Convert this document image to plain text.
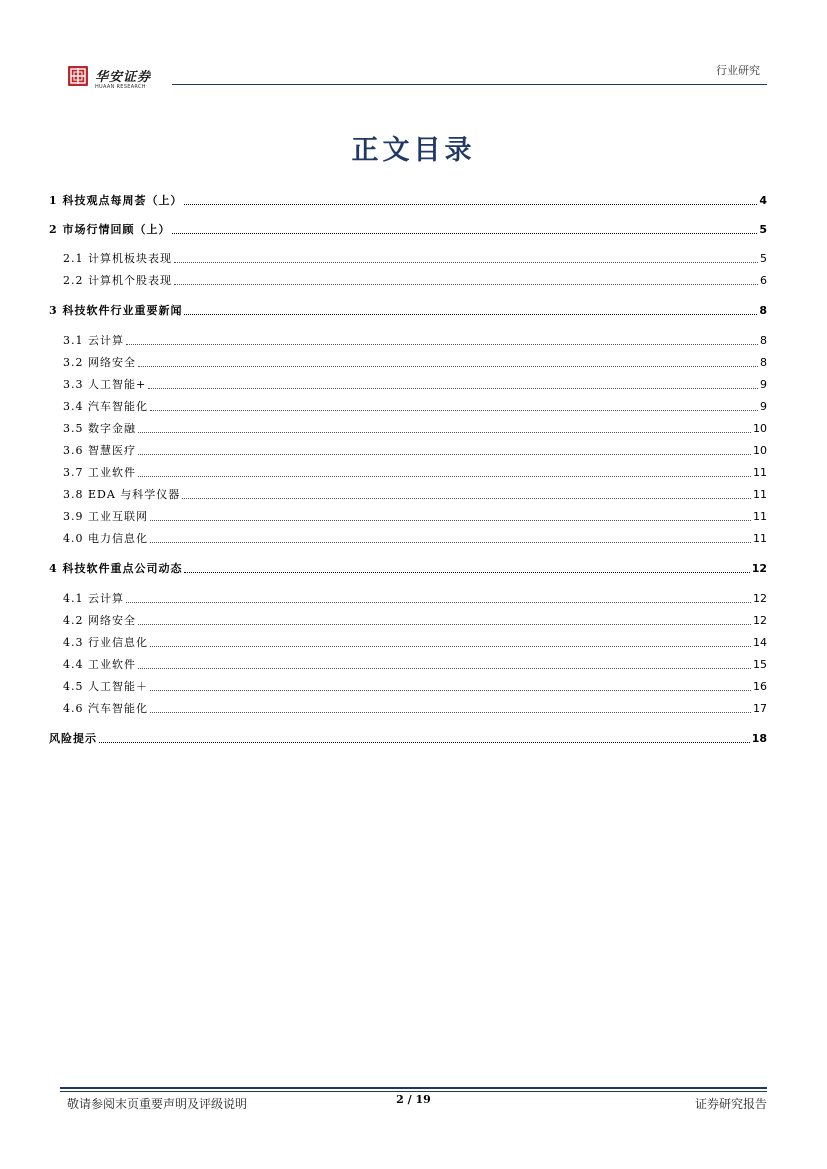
华安证券
HUAAN RESEARCH
行业研究
正文目录
1 科技观点每周荟（上）	4
2 市场行情回顾（上）	5
2.1 计算机板块表现	5
2.2 计算机个股表现	6
3 科技软件行业重要新闻	8
3.1 云计算	8
3.2 网络安全	8
3.3 人工智能+	9
3.4 汽车智能化	9
3.5 数字金融	10
3.6 智慧医疗	10
3.7 工业软件	11
3.8 EDA 与科学仪器	11
3.9 工业互联网	11
4.0 电力信息化	11
4 科技软件重点公司动态	12
4.1 云计算	12
4.2 网络安全	12
4.3 行业信息化	14
4.4 工业软件	15
4.5 人工智能＋	16
4.6 汽车智能化	17
风险提示	18
敬请参阅末页重要声明及评级说明	2 / 19	证券研究报告
